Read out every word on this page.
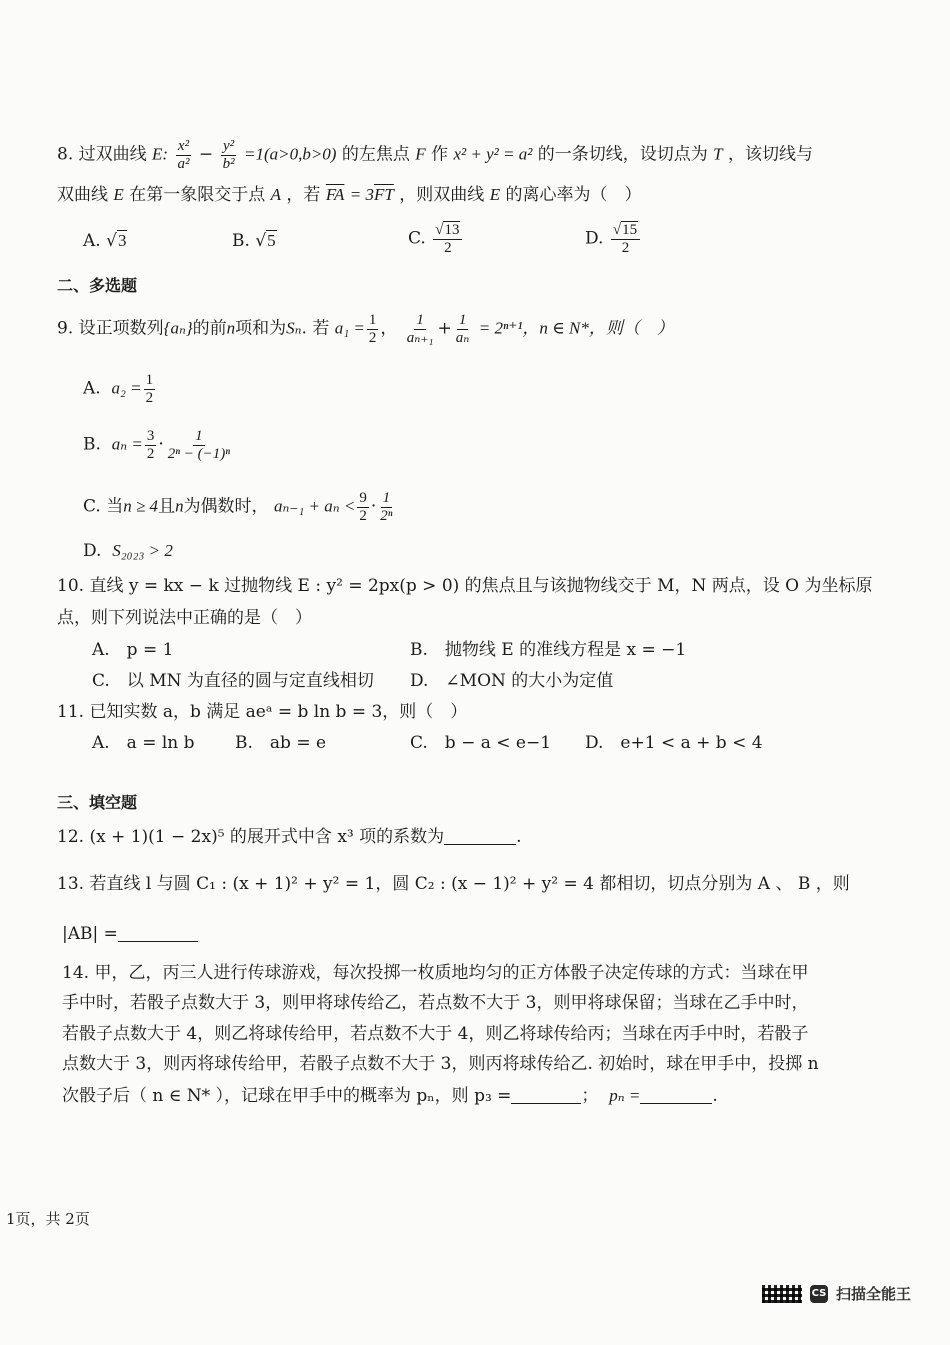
8. 过双曲线 E: $\frac{\text{x²}}{\text{a²}} - \frac{\text{y²}}{\text{b²}} =1(a>0,b>0)$ 的左焦点 F 作 x² + y² = a² 的一条切线，设切点为 T ，该切线与
双曲线 E 在第一象限交于点 A ，若 $\overline{FA} = 3\overline{FT}$ ，则双曲线 E 的离心率为（　）
A. √3	B. √5	C. $\frac{√13}{2}$	D. $\frac{√15}{2}$
二、多选题
9. 设正项数列{aₙ}的前n项和为Sₙ. 若 $a_1 = \frac{1}{2}$ ， $\frac{1}{\text{aₙ₊₁}} + \frac{1}{\text{aₙ}} = 2^{n+1}$，n ∈ N*，则（　）
A. $a_2 = \frac{1}{2}$
B. $a_n = \frac{3}{2} \cdot \frac{1}{\text{2ⁿ − (−1)ⁿ}}$
C. 当n ≥ 4且n为偶数时， $a_{n-1} + a_n < \frac{9}{2} \cdot \frac{1}{\text{2ⁿ}}$
D. S₂₀₂₃ > 2
10. 直线 y = kx − k 过抛物线 E : y² = 2px(p > 0) 的焦点且与该抛物线交于 M，N 两点，设 O 为坐标原
点，则下列说法中正确的是（　）
A.　p = 1	B.　抛物线 E 的准线方程是 x = −1
C.　以 MN 为直径的圆与定直线相切 D.　∠MON 的大小为定值
11. 已知实数 a，b 满足 aeᵃ = b ln b = 3，则（　）
A.　a = ln b B.　ab = e	C.　b − a < e−1 D.　e+1 < a + b < 4
三、填空题
12. (x + 1)(1 − 2x)⁵ 的展开式中含 x³ 项的系数为	.
13. 若直线 l 与圆 C₁ : (x + 1)² + y² = 1，圆 C₂ : (x − 1)² + y² = 4 都相切，切点分别为 A 、 B ，则
|AB| =
14. 甲，乙，丙三人进行传球游戏，每次投掷一枚质地均匀的正方体骰子决定传球的方式：当球在甲
手中时，若骰子点数大于 3，则甲将球传给乙，若点数不大于 3，则甲将球保留；当球在乙手中时，
若骰子点数大于 4，则乙将球传给甲，若点数不大于 4，则乙将球传给丙；当球在丙手中时，若骰子
点数大于 3，则丙将球传给甲，若骰子点数不大于 3，则丙将球传给乙. 初始时，球在甲手中，投掷 n
次骰子后（ n ∈ N* ），记球在甲手中的概率为 pₙ，则 p₃ =	； pₙ =	.
1页，共 2页
CS 扫描全能王
